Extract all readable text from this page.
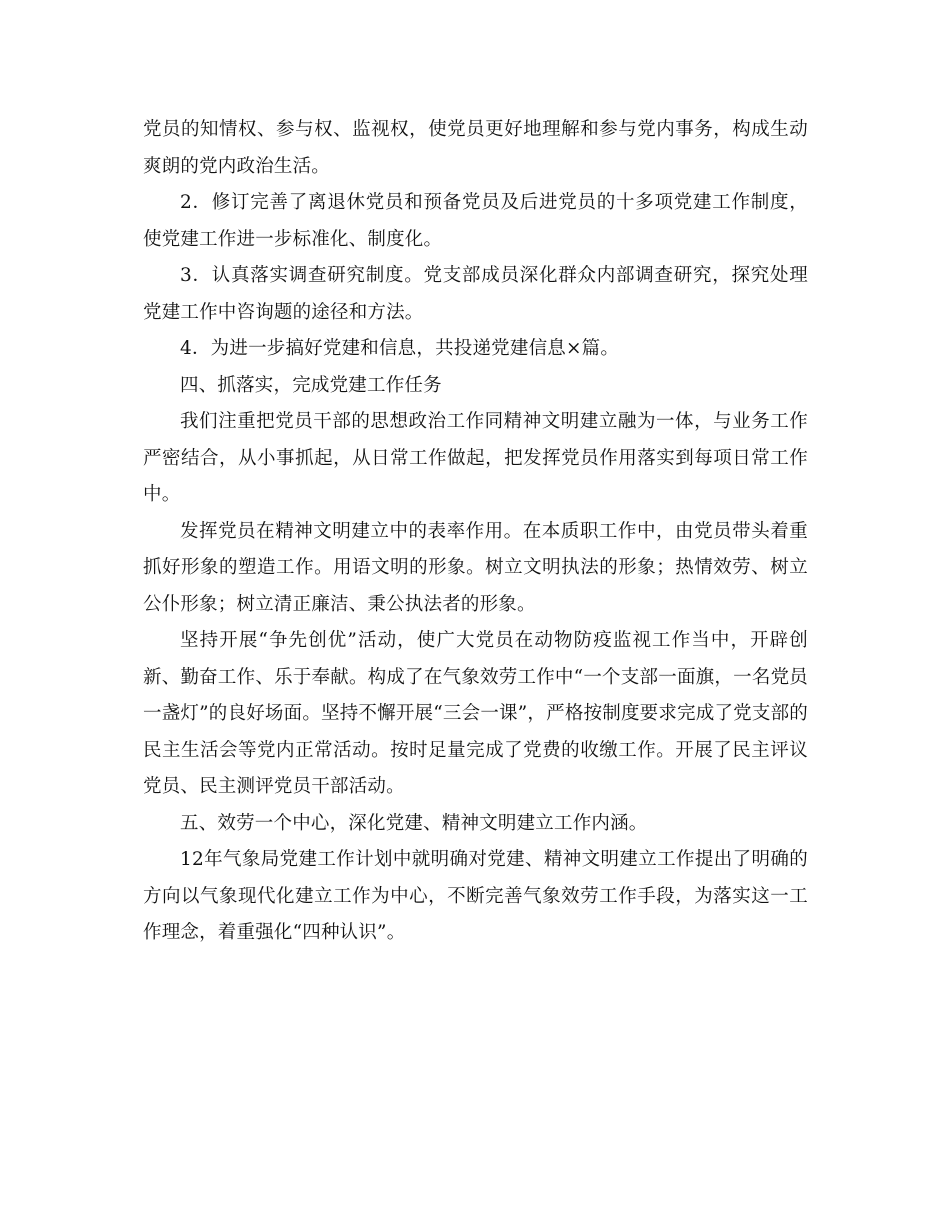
党员的知情权、参与权、监视权，使党员更好地理解和参与党内事务，构成生动爽朗的党内政治生活。

2．修订完善了离退休党员和预备党员及后进党员的十多项党建工作制度，使党建工作进一步标准化、制度化。

3．认真落实调查研究制度。党支部成员深化群众内部调查研究，探究处理党建工作中咨询题的途径和方法。

4．为进一步搞好党建和信息，共投递党建信息×篇。

四、抓落实，完成党建工作任务

我们注重把党员干部的思想政治工作同精神文明建立融为一体，与业务工作严密结合，从小事抓起，从日常工作做起，把发挥党员作用落实到每项日常工作中。

发挥党员在精神文明建立中的表率作用。在本质职工作中，由党员带头着重抓好形象的塑造工作。用语文明的形象。树立文明执法的形象；热情效劳、树立公仆形象；树立清正廉洁、秉公执法者的形象。

坚持开展“争先创优”活动，使广大党员在动物防疫监视工作当中，开辟创新、勤奋工作、乐于奉献。构成了在气象效劳工作中“一个支部一面旗，一名党员一盏灯”的良好场面。坚持不懈开展“三会一课”，严格按制度要求完成了党支部的民主生活会等党内正常活动。按时足量完成了党费的收缴工作。开展了民主评议党员、民主测评党员干部活动。

五、效劳一个中心，深化党建、精神文明建立工作内涵。

12年气象局党建工作计划中就明确对党建、精神文明建立工作提出了明确的方向以气象现代化建立工作为中心，不断完善气象效劳工作手段，为落实这一工作理念，着重强化“四种认识”。
